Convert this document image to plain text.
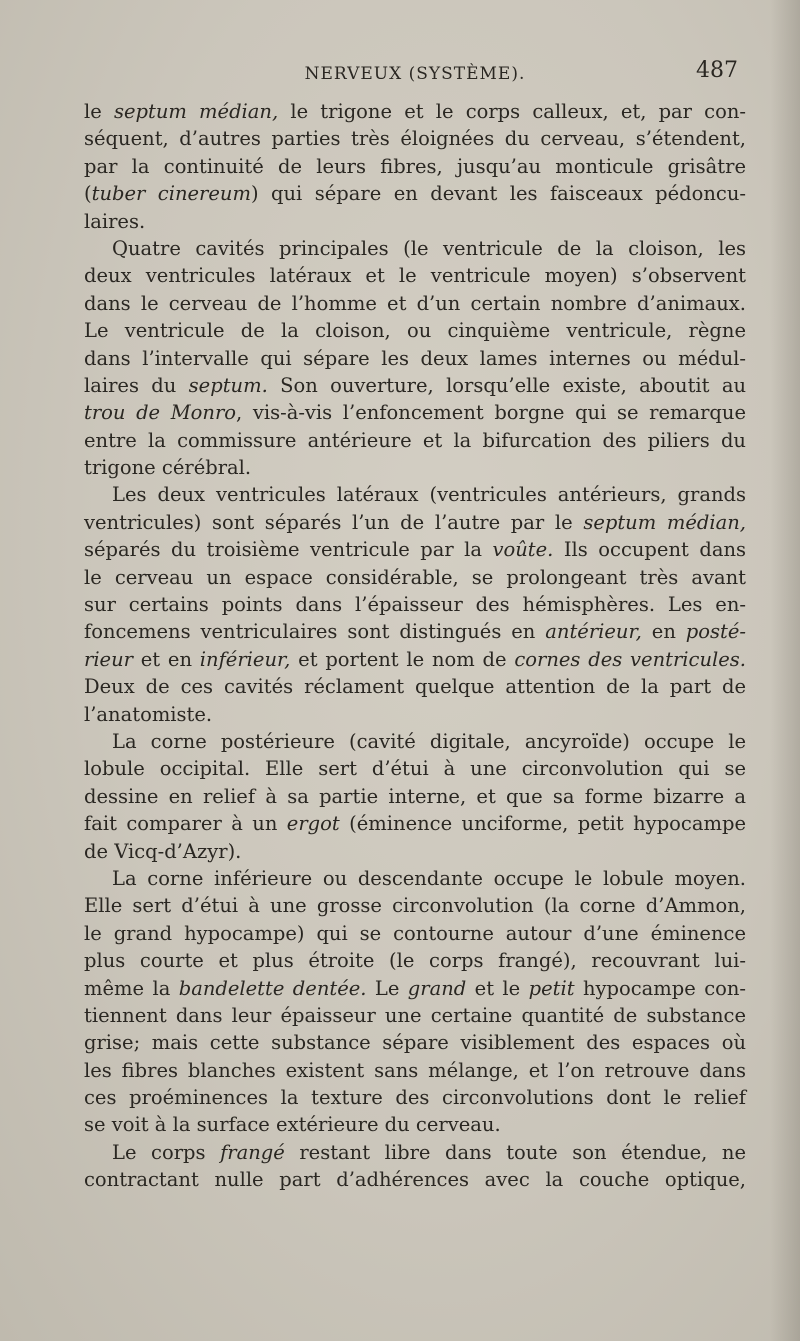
NERVEUX (SYSTÈME).	487
le septum médian, le trigone et le corps calleux, et, par con-
séquent, d’autres parties très éloignées du cerveau, s’étendent,
par la continuité de leurs fibres, jusqu’au monticule grisâtre
(tuber cinereum) qui sépare en devant les faisceaux pédoncu-
laires.
Quatre cavités principales (le ventricule de la cloison, les
deux ventricules latéraux et le ventricule moyen) s’observent
dans le cerveau de l’homme et d’un certain nombre d’animaux.
Le ventricule de la cloison, ou cinquième ventricule, règne
dans l’intervalle qui sépare les deux lames internes ou médul-
laires du septum. Son ouverture, lorsqu’elle existe, aboutit au
trou de Monro, vis-à-vis l’enfoncement borgne qui se remarque
entre la commissure antérieure et la bifurcation des piliers du
trigone cérébral.
Les deux ventricules latéraux (ventricules antérieurs, grands
ventricules) sont séparés l’un de l’autre par le septum médian,
séparés du troisième ventricule par la voûte. Ils occupent dans
le cerveau un espace considérable, se prolongeant très avant
sur certains points dans l’épaisseur des hémisphères. Les en-
foncemens ventriculaires sont distingués en antérieur, en posté-
rieur et en inférieur, et portent le nom de cornes des ventricules.
Deux de ces cavités réclament quelque attention de la part de
l’anatomiste.
La corne postérieure (cavité digitale, ancyroïde) occupe le
lobule occipital. Elle sert d’étui à une circonvolution qui se
dessine en relief à sa partie interne, et que sa forme bizarre a
fait comparer à un ergot (éminence unciforme, petit hypocampe
de Vicq-d’Azyr).
La corne inférieure ou descendante occupe le lobule moyen.
Elle sert d’étui à une grosse circonvolution (la corne d’Ammon,
le grand hypocampe) qui se contourne autour d’une éminence
plus courte et plus étroite (le corps frangé), recouvrant lui-
même la bandelette dentée. Le grand et le petit hypocampe con-
tiennent dans leur épaisseur une certaine quantité de substance
grise; mais cette substance sépare visiblement des espaces où
les fibres blanches existent sans mélange, et l’on retrouve dans
ces proéminences la texture des circonvolutions dont le relief
se voit à la surface extérieure du cerveau.
Le corps frangé restant libre dans toute son étendue, ne
contractant nulle part d’adhérences avec la couche optique,
